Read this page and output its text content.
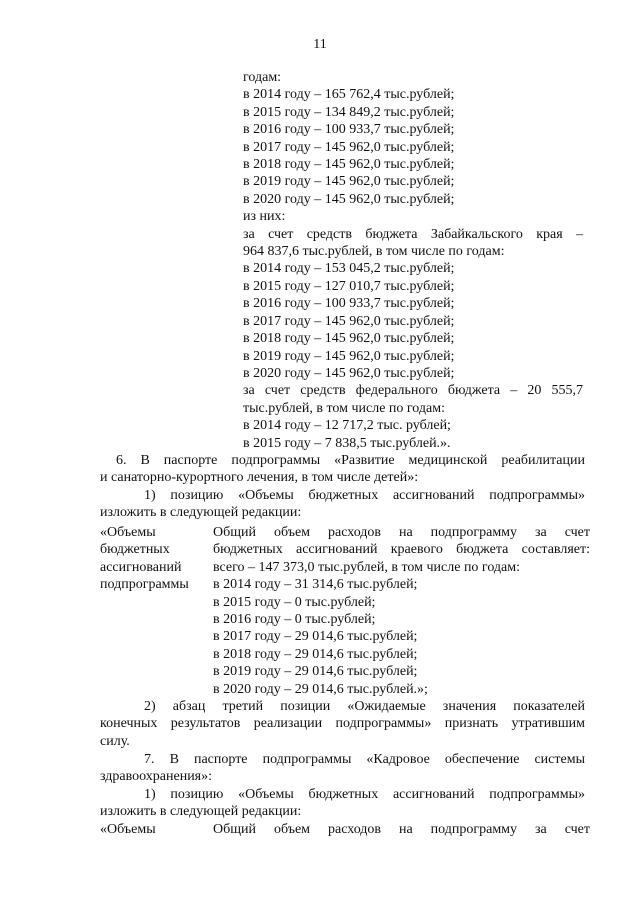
11
годам:
в 2014 году – 165 762,4 тыс.рублей;
в 2015 году – 134 849,2 тыс.рублей;
в 2016 году – 100 933,7 тыс.рублей;
в 2017 году – 145 962,0 тыс.рублей;
в 2018 году – 145 962,0 тыс.рублей;
в 2019 году – 145 962,0 тыс.рублей;
в 2020 году – 145 962,0 тыс.рублей;
из них:
за счет средств бюджета Забайкальского края –
964 837,6 тыс.рублей, в том числе по годам:
в 2014 году – 153 045,2 тыс.рублей;
в 2015 году – 127 010,7 тыс.рублей;
в 2016 году – 100 933,7 тыс.рублей;
в 2017 году – 145 962,0 тыс.рублей;
в 2018 году – 145 962,0 тыс.рублей;
в 2019 году – 145 962,0 тыс.рублей;
в 2020 году – 145 962,0 тыс.рублей;
за счет средств федерального бюджета – 20 555,7
тыс.рублей, в том числе по годам:
в 2014 году – 12 717,2 тыс. рублей;
в 2015 году – 7 838,5 тыс.рублей.».
6. В паспорте подпрограммы «Развитие медицинской реабилитации
и санаторно-курортного лечения, в том числе детей»:
1) позицию «Объемы бюджетных ассигнований подпрограммы»
изложить в следующей редакции:
«Объемы	Общий объем расходов на подпрограмму за счет
бюджетных	бюджетных ассигнований краевого бюджета составляет:
ассигнований	всего – 147 373,0 тыс.рублей, в том числе по годам:
подпрограммы	в 2014 году – 31 314,6 тыс.рублей;
в 2015 году – 0 тыс.рублей;
в 2016 году – 0 тыс.рублей;
в 2017 году – 29 014,6 тыс.рублей;
в 2018 году – 29 014,6 тыс.рублей;
в 2019 году – 29 014,6 тыс.рублей;
в 2020 году – 29 014,6 тыс.рублей.»;
2) абзац третий позиции «Ожидаемые значения показателей
конечных результатов реализации подпрограммы» признать утратившим
силу.
7. В паспорте подпрограммы «Кадровое обеспечение системы
здравоохранения»:
1) позицию «Объемы бюджетных ассигнований подпрограммы»
изложить в следующей редакции:
«Объемы	Общий объем расходов на подпрограмму за счет
